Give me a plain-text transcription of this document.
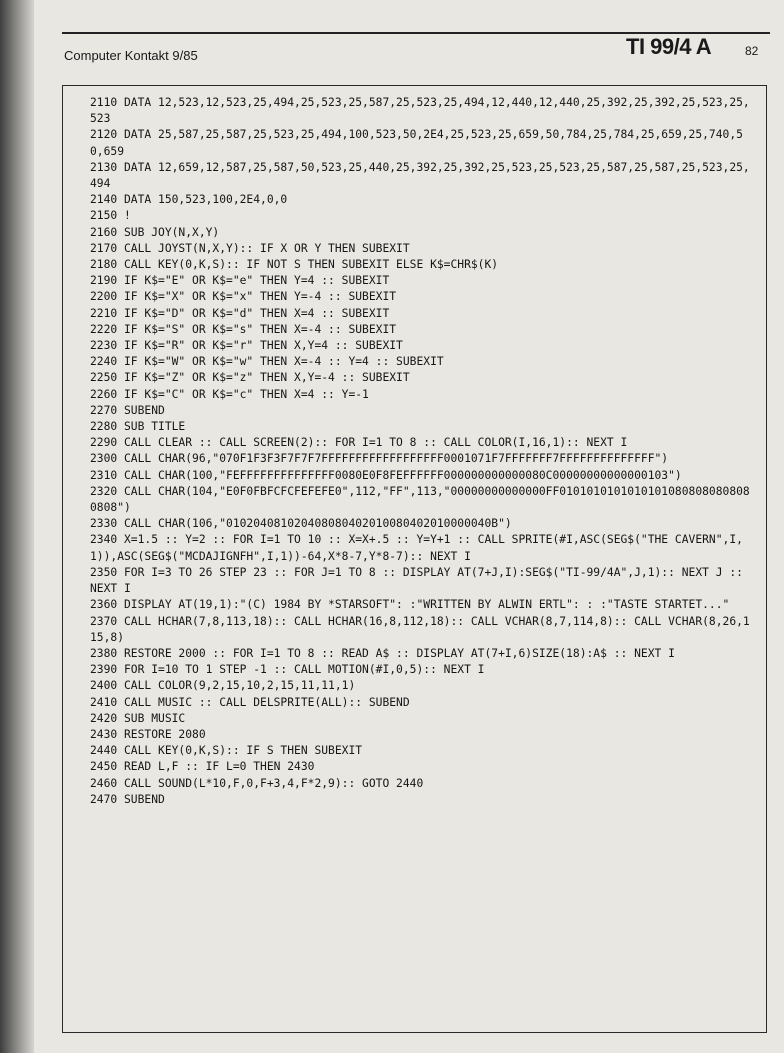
Computer Kontakt 9/85	TI 99/4 A	82
2110 DATA 12,523,12,523,25,494,25,523,25,587,25,523,25,494,12,440,12,440,25,392,25,392,25,523,25,523
2120 DATA 25,587,25,587,25,523,25,494,100,523,50,2E4,25,523,25,659,50,784,25,784,25,659,25,740,50,659
2130 DATA 12,659,12,587,25,587,50,523,25,440,25,392,25,392,25,523,25,523,25,587,25,587,25,523,25,494
2140 DATA 150,523,100,2E4,0,0
2150 !
2160 SUB JOY(N,X,Y)
2170 CALL JOYST(N,X,Y):: IF X OR Y THEN SUBEXIT
2180 CALL KEY(0,K,S):: IF NOT S THEN SUBEXIT ELSE K$=CHR$(K)
2190 IF K$="E" OR K$="e" THEN Y=4 :: SUBEXIT
2200 IF K$="X" OR K$="x" THEN Y=-4 :: SUBEXIT
2210 IF K$="D" OR K$="d" THEN X=4 :: SUBEXIT
2220 IF K$="S" OR K$="s" THEN X=-4 :: SUBEXIT
2230 IF K$="R" OR K$="r" THEN X,Y=4 :: SUBEXIT
2240 IF K$="W" OR K$="w" THEN X=-4 :: Y=4 :: SUBEXIT
2250 IF K$="Z" OR K$="z" THEN X,Y=-4 :: SUBEXIT
2260 IF K$="C" OR K$="c" THEN X=4 :: Y=-1
2270 SUBEND
2280 SUB TITLE
2290 CALL CLEAR :: CALL SCREEN(2):: FOR I=1 TO 8 :: CALL COLOR(I,16,1):: NEXT I
2300 CALL CHAR(96,"070F1F3F3F7F7F7FFFFFFFFFFFFFFFFFF0001071F7FFFFFFF7FFFFFFFFFFFFFF")
2310 CALL CHAR(100,"FEFFFFFFFFFFFFFF0080E0F8FEFFFFFF000000000000080C00000000000000103")
2320 CALL CHAR(104,"E0F0FBFCFCFEFEFE0",112,"FF",113,"00000000000000FF01010101010101010808080808080808")
2330 CALL CHAR(106,"010204081020408080402010080402010000040B")
2340 X=1.5 :: Y=2 :: FOR I=1 TO 10 :: X=X+.5 :: Y=Y+1 :: CALL SPRITE(#I,ASC(SEG$("THE CAVERN",I,1)),ASC(SEG$("MCDAJIGNFH",I,1))-64,X*8-7,Y*8-7):: NEXT I
2350 FOR I=3 TO 26 STEP 23 :: FOR J=1 TO 8 :: DISPLAY AT(7+J,I):SEG$("TI-99/4A",J,1):: NEXT J :: NEXT I
2360 DISPLAY AT(19,1):"(C) 1984 BY *STARSOFT": :"WRITTEN BY ALWIN ERTL": : :"TASTE STARTET..."
2370 CALL HCHAR(7,8,113,18):: CALL HCHAR(16,8,112,18):: CALL VCHAR(8,7,114,8):: CALL VCHAR(8,26,115,8)
2380 RESTORE 2000 :: FOR I=1 TO 8 :: READ A$ :: DISPLAY AT(7+I,6)SIZE(18):A$ :: NEXT I
2390 FOR I=10 TO 1 STEP -1 :: CALL MOTION(#I,0,5):: NEXT I
2400 CALL COLOR(9,2,15,10,2,15,11,11,1)
2410 CALL MUSIC :: CALL DELSPRITE(ALL):: SUBEND
2420 SUB MUSIC
2430 RESTORE 2080
2440 CALL KEY(0,K,S):: IF S THEN SUBEXIT
2450 READ L,F :: IF L=0 THEN 2430
2460 CALL SOUND(L*10,F,0,F+3,4,F*2,9):: GOTO 2440
2470 SUBEND
